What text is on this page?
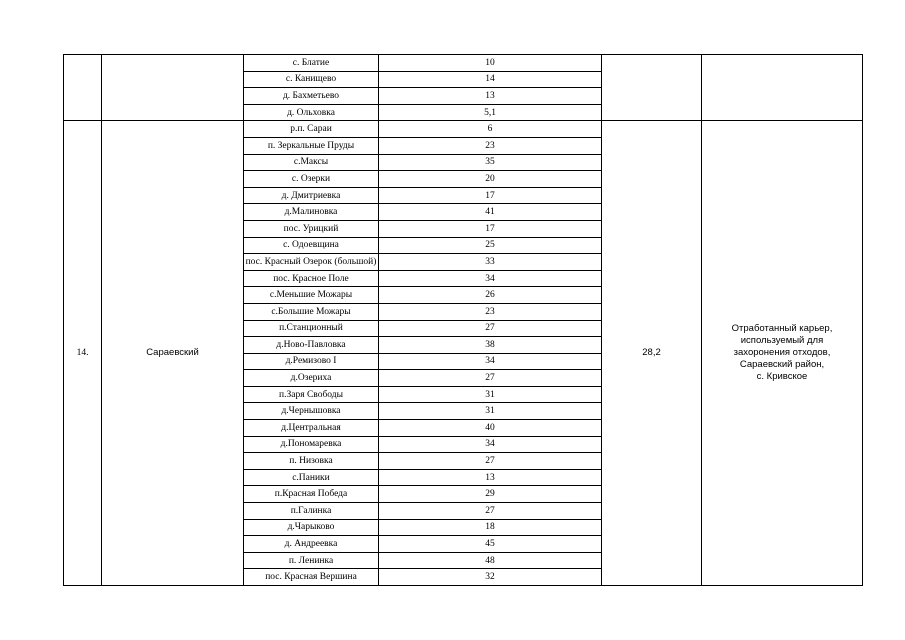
		с. Блатие	10		
		с. Канищево	14		
		д. Бахметьево	13		
		д. Ольховка	5,1		
14.	Сараевский	р.п. Сараи	6	28,2	Отработанный карьер,
используемый для
захоронения отходов,
Сараевский район,
с. Кривское

		п. Зеркальные Пруды	23		
		с.Максы	35		
		с. Озерки	20		
		д. Дмитриевка	17		
		д.Малиновка	41		
		пос. Урицкий	17		
		с. Одоевщина	25		
		пос. Красный Озерок (большой)	33		
		пос. Красное Поле	34		
		с.Меньшие Можары	26		
		с.Большие Можары	23		
		п.Станционный	27		
		д.Ново-Павловка	38		
		д.Ремизово I	34		
		д.Озериха	27		
		п.Заря Свободы	31		
		д.Чернышовка	31		
		д.Центральная	40		
		д.Пономаревка	34		
		п. Низовка	27		
		с.Паники	13		
		п.Красная Победа	29		
		п.Галинка	27		
		д.Чарыково	18		
		д. Андреевка	45		
		п. Ленинка	48		
		пос. Красная Вершина	32		
